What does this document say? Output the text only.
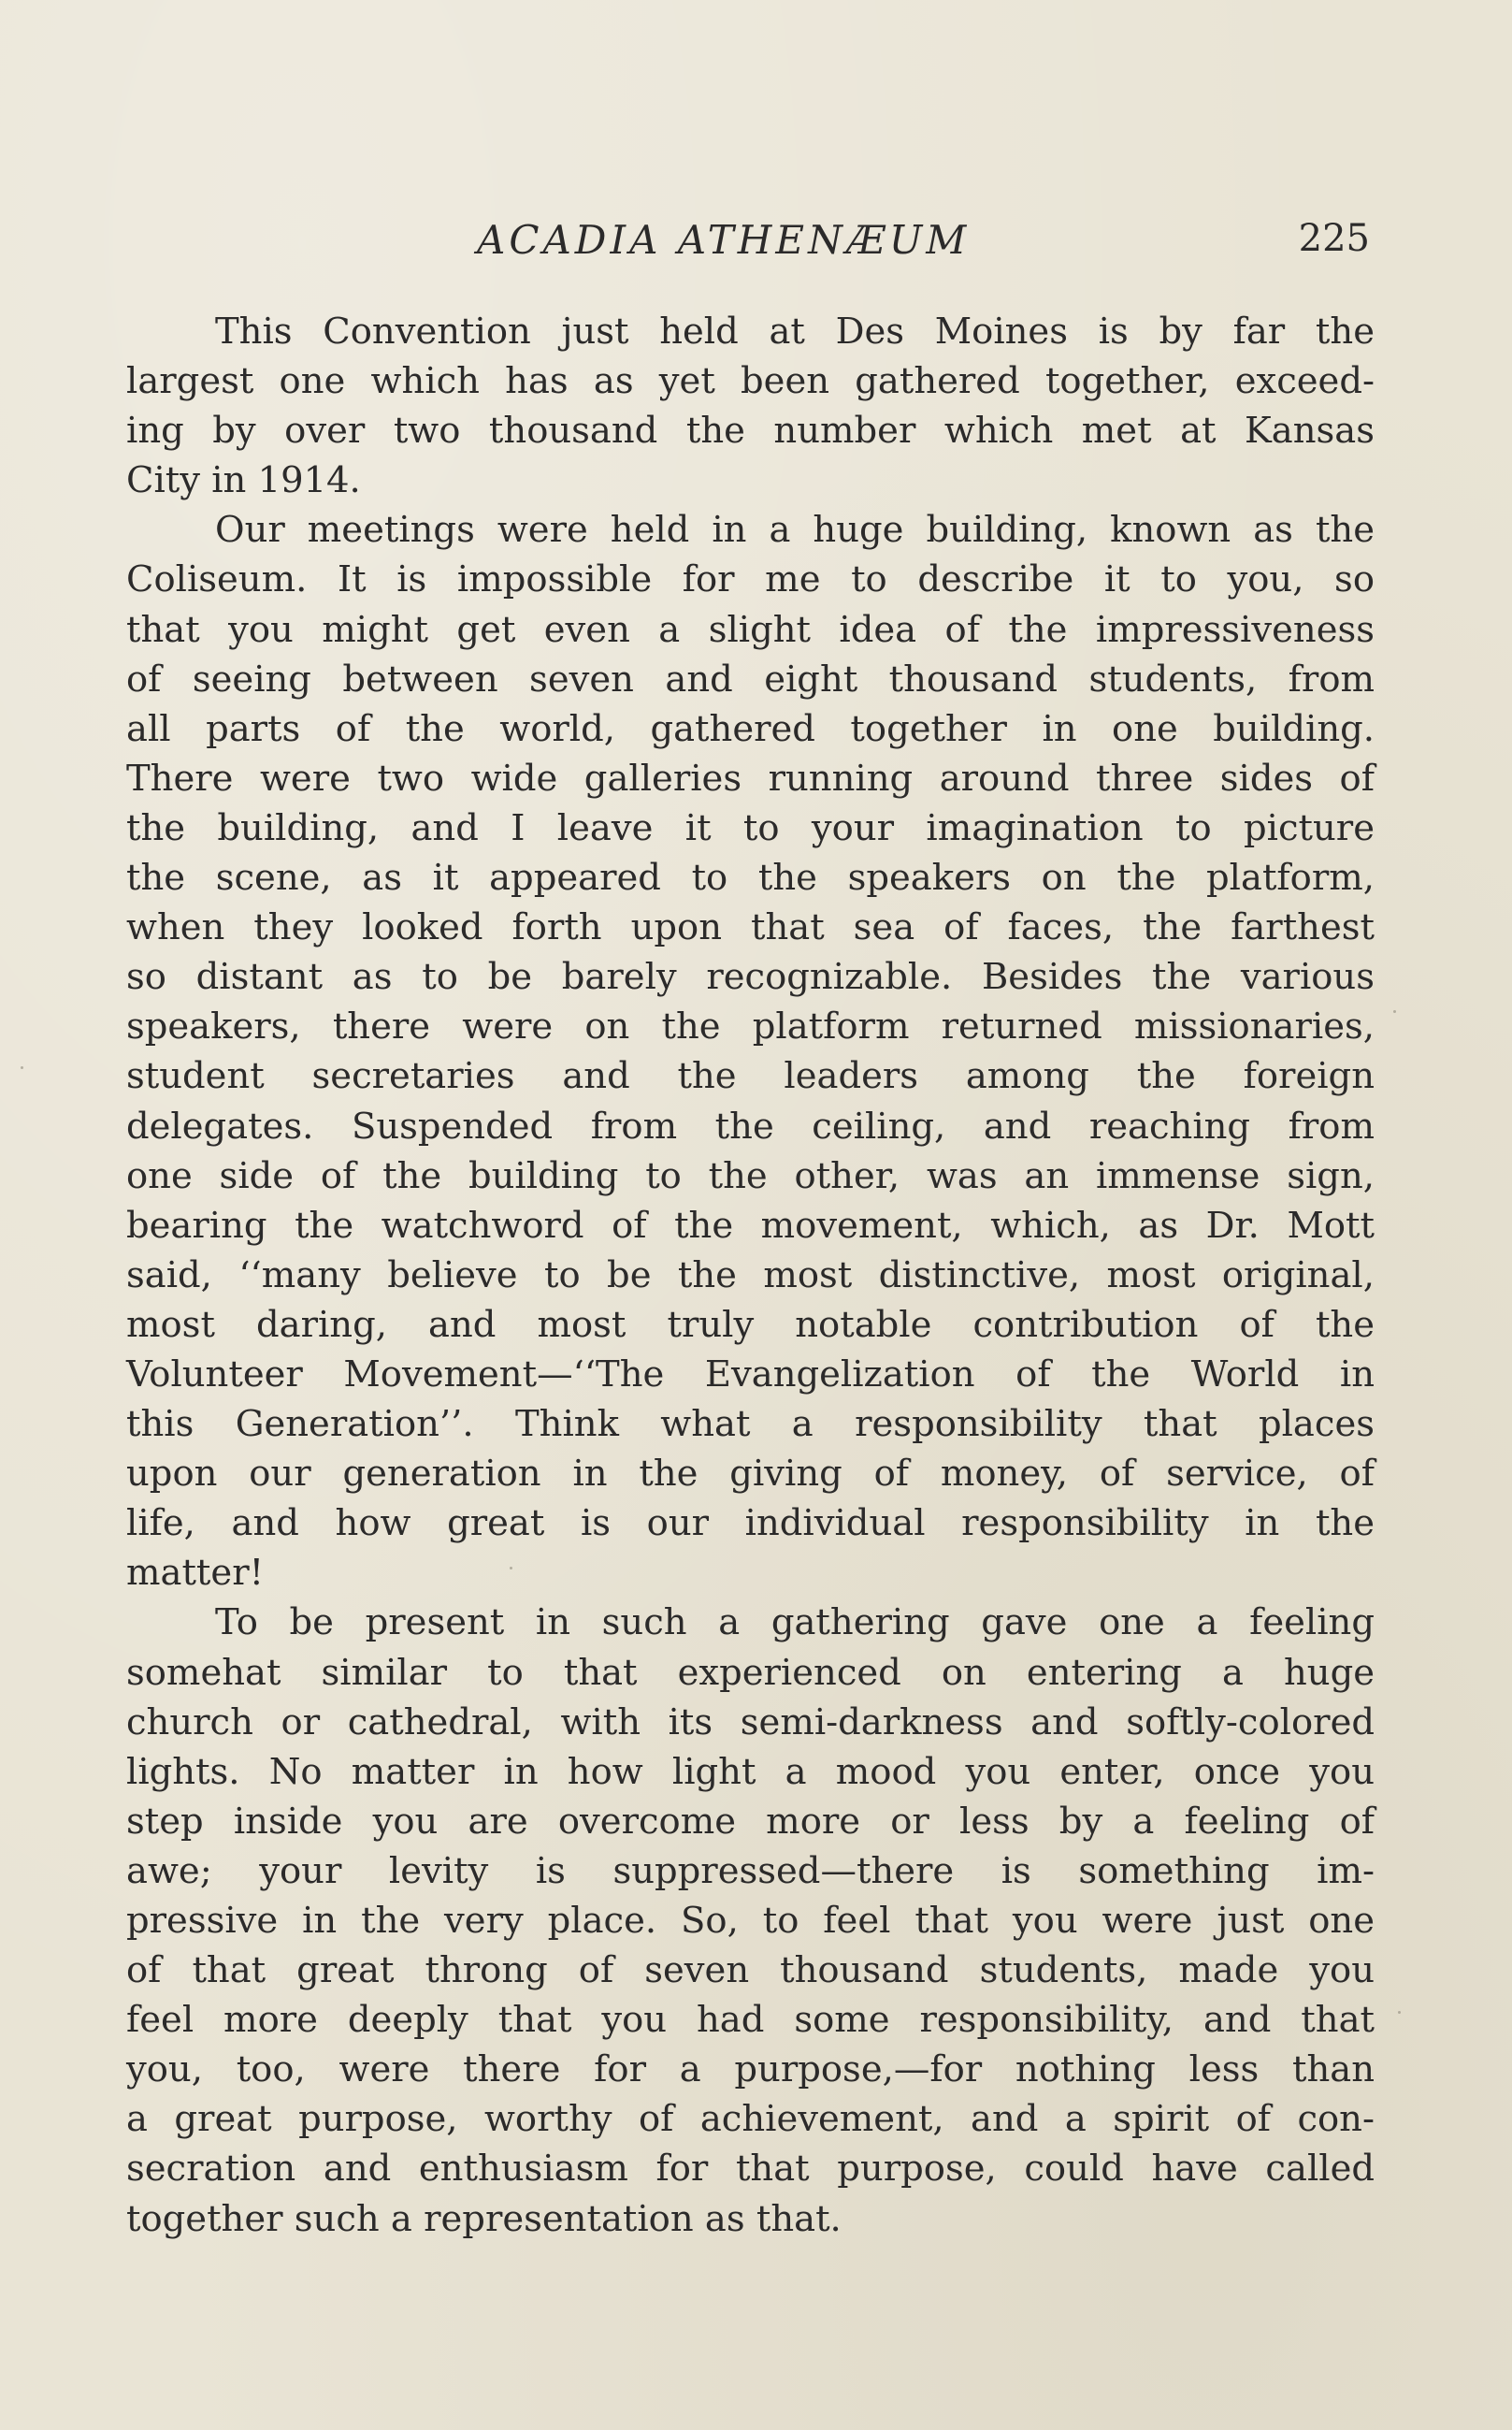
ACADIA ATHENÆUM	225
This Convention just held at Des Moines is by far the
largest one which has as yet been gathered together, exceed-
ing by over two thousand the number which met at Kansas
City in 1914.
Our meetings were held in a huge building, known as the
Coliseum. It is impossible for me to describe it to you, so
that you might get even a slight idea of the impressiveness
of seeing between seven and eight thousand students, from
all parts of the world, gathered together in one building.
There were two wide galleries running around three sides of
the building, and I leave it to your imagination to picture
the scene, as it appeared to the speakers on the platform,
when they looked forth upon that sea of faces, the farthest
so distant as to be barely recognizable. Besides the various
speakers, there were on the platform returned missionaries,
student secretaries and the leaders among the foreign
delegates. Suspended from the ceiling, and reaching from
one side of the building to the other, was an immense sign,
bearing the watchword of the movement, which, as Dr. Mott
said, ‘‘many believe to be the most distinctive, most original,
most daring, and most truly notable contribution of the
Volunteer Movement—‘‘The Evangelization of the World in
this Generation’’. Think what a responsibility that places
upon our generation in the giving of money, of service, of
life, and how great is our individual responsibility in the
matter!
To be present in such a gathering gave one a feeling
somehat similar to that experienced on entering a huge
church or cathedral, with its semi-darkness and softly-colored
lights. No matter in how light a mood you enter, once you
step inside you are overcome more or less by a feeling of
awe; your levity is suppressed—there is something im-
pressive in the very place. So, to feel that you were just one
of that great throng of seven thousand students, made you
feel more deeply that you had some responsibility, and that
you, too, were there for a purpose,—for nothing less than
a great purpose, worthy of achievement, and a spirit of con-
secration and enthusiasm for that purpose, could have called
together such a representation as that.
